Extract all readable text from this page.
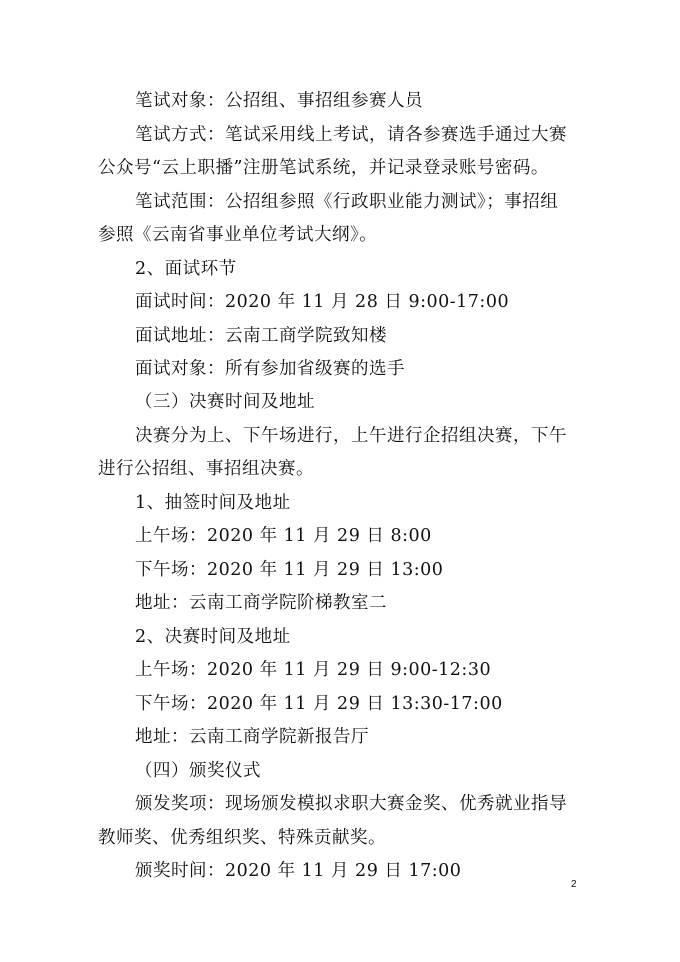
笔试对象：公招组、事招组参赛人员
笔试方式：笔试采用线上考试，请各参赛选手通过大赛
公众号“云上职播”注册笔试系统，并记录登录账号密码。
笔试范围：公招组参照《行政职业能力测试》；事招组
参照《云南省事业单位考试大纲》。
2、面试环节
面试时间：2020 年 11 月 28 日 9:00-17:00
面试地址：云南工商学院致知楼
面试对象：所有参加省级赛的选手
（三）决赛时间及地址
决赛分为上、下午场进行，上午进行企招组决赛，下午
进行公招组、事招组决赛。
1、抽签时间及地址
上午场：2020 年 11 月 29 日 8:00
下午场：2020 年 11 月 29 日 13:00
地址：云南工商学院阶梯教室二
2、决赛时间及地址
上午场：2020 年 11 月 29 日 9:00-12:30
下午场：2020 年 11 月 29 日 13:30-17:00
地址：云南工商学院新报告厅
（四）颁奖仪式
颁发奖项：现场颁发模拟求职大赛金奖、优秀就业指导
教师奖、优秀组织奖、特殊贡献奖。
颁奖时间：2020 年 11 月 29 日 17:00
2
